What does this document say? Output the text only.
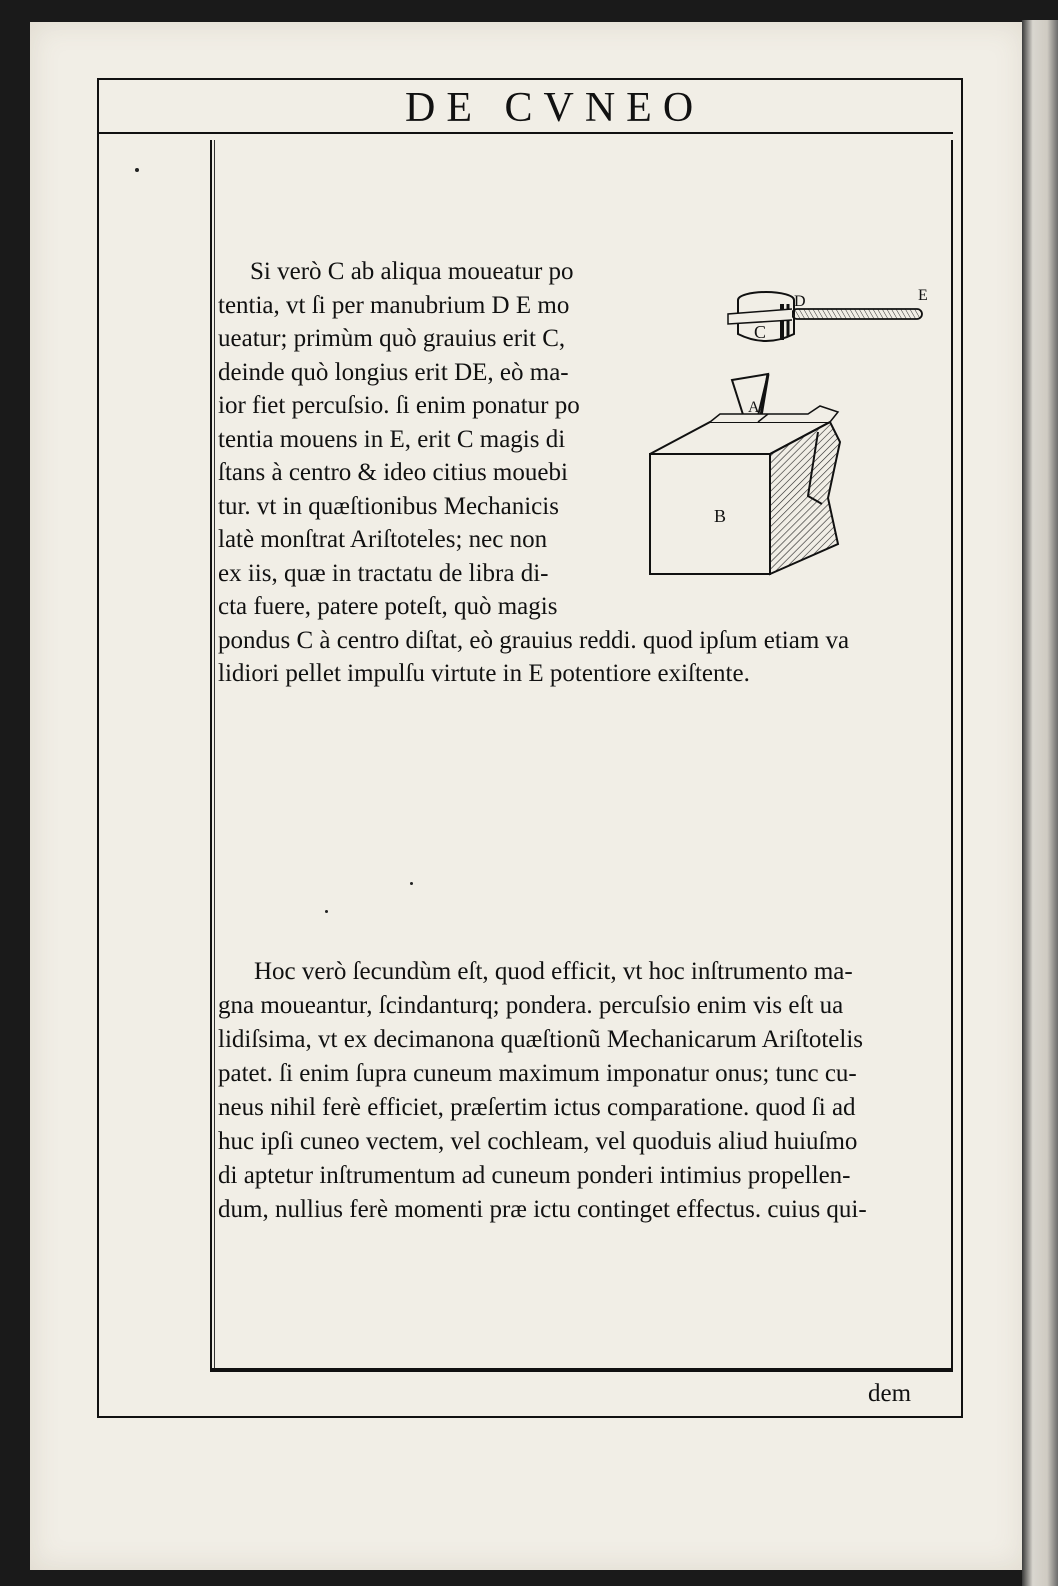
⠀⠀⠀⠀⠀⠀⠀⠀⠀⠀⠀⠀⠀⠀⠀⠀⠀⠀⠀⠀⠀⠀⠀⠀⠀⠀⠀⠀⠀⠀⠀⠀
⠀⠀⠀⠀⠀⠀⠀⠀⠀⠀⠀⠀⠀⠀⠀⠀⠀⠀⠀⠀⠀⠀⠀⠀⠀⠀⠀⠀⠀⠀⠀⠀
DE CVNEO
C
D	E
A
B
Si verò C ab aliqua moueatur po
tentia, vt ſi per manubrium D E mo
ueatur; primùm quò grauius erit C,
deinde quò longius erit DE, eò ma-
ior fiet percuſsio. ſi enim ponatur po
tentia mouens in E, erit C magis di
ſtans à centro & ideo citius mouebi
tur. vt in quæſtionibus Mechanicis
latè monſtrat Ariſtoteles; nec non
ex iis, quæ in tractatu de libra di-
cta fuere, patere poteſt, quò magis
pondus C à centro diſtat, eò grauius reddi. quod ipſum etiam va
lidiori pellet impulſu virtute in E potentiore exiſtente.
Hoc verò ſecundùm eſt, quod efficit, vt hoc inſtrumento ma-
gna moueantur, ſcindanturq; pondera. percuſsio enim vis eſt ua
lidiſsima, vt ex decimanona quæſtionũ Mechanicarum Ariſtotelis
patet. ſi enim ſupra cuneum maximum imponatur onus; tunc cu-
neus nihil ferè efficiet, præſertim ictus comparatione. quod ſi ad
huc ipſi cuneo vectem, vel cochleam, vel quoduis aliud huiuſmo
di aptetur inſtrumentum ad cuneum ponderi intimius propellen-
dum, nullius ferè momenti præ ictu continget effectus. cuius qui-
dem
